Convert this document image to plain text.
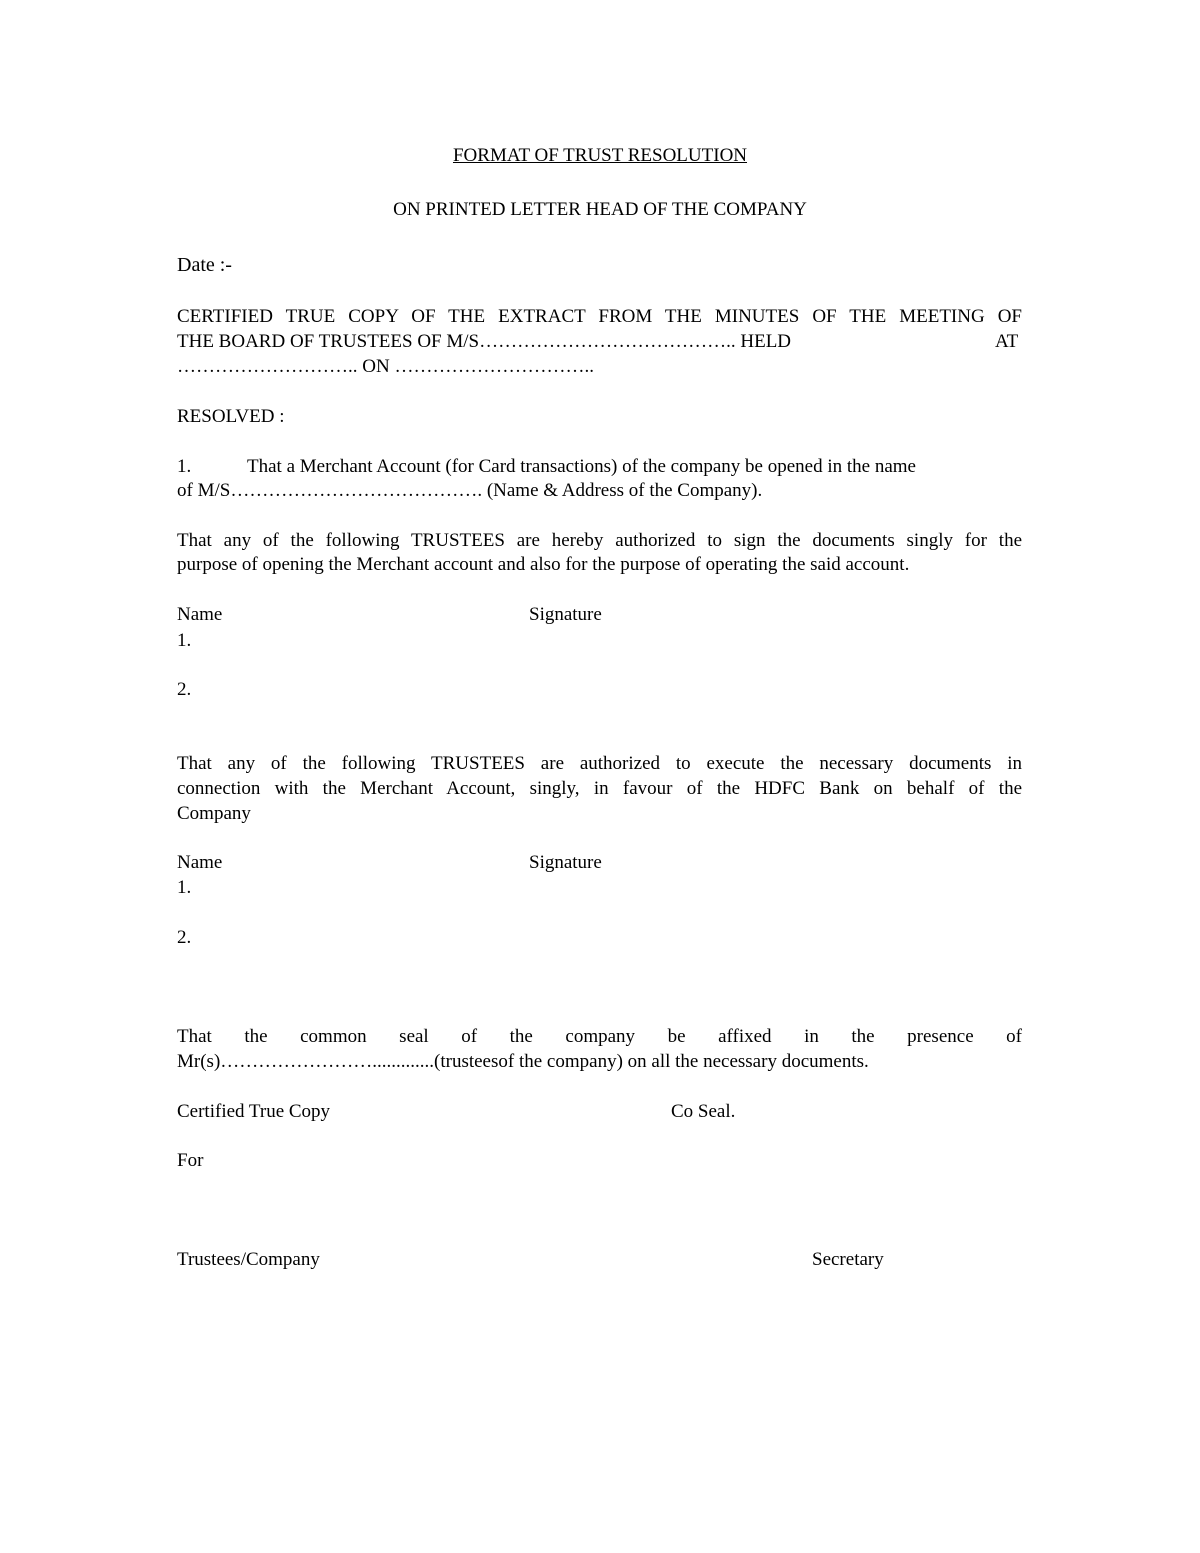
FORMAT OF TRUST RESOLUTION
ON PRINTED LETTER HEAD OF THE COMPANY
Date :-
CERTIFIED TRUE COPY OF THE EXTRACT FROM THE MINUTES OF THE MEETING OF
THE BOARD OF TRUSTEES OF M/S………………………………….. HELD	AT
……………………….. ON …………………………..
RESOLVED :
1.	That a Merchant Account (for Card transactions) of the company be opened in the name
of M/S…………………………………. (Name & Address of the Company).
That any of the following TRUSTEES are hereby authorized to sign the documents singly for the
purpose of opening the Merchant account and also for the purpose of operating the said account.
Name	Signature
1.
2.
That any of the following TRUSTEES are authorized to execute the necessary documents in
connection with the Merchant Account, singly, in favour of the HDFC Bank on behalf of the
Company
Name	Signature
1.
2.
That the common seal of the company be affixed in the presence of
Mr(s)…………………….............(trusteesof the company) on all the necessary documents.
Certified True Copy	Co Seal.
For
Trustees/Company	Secretary
